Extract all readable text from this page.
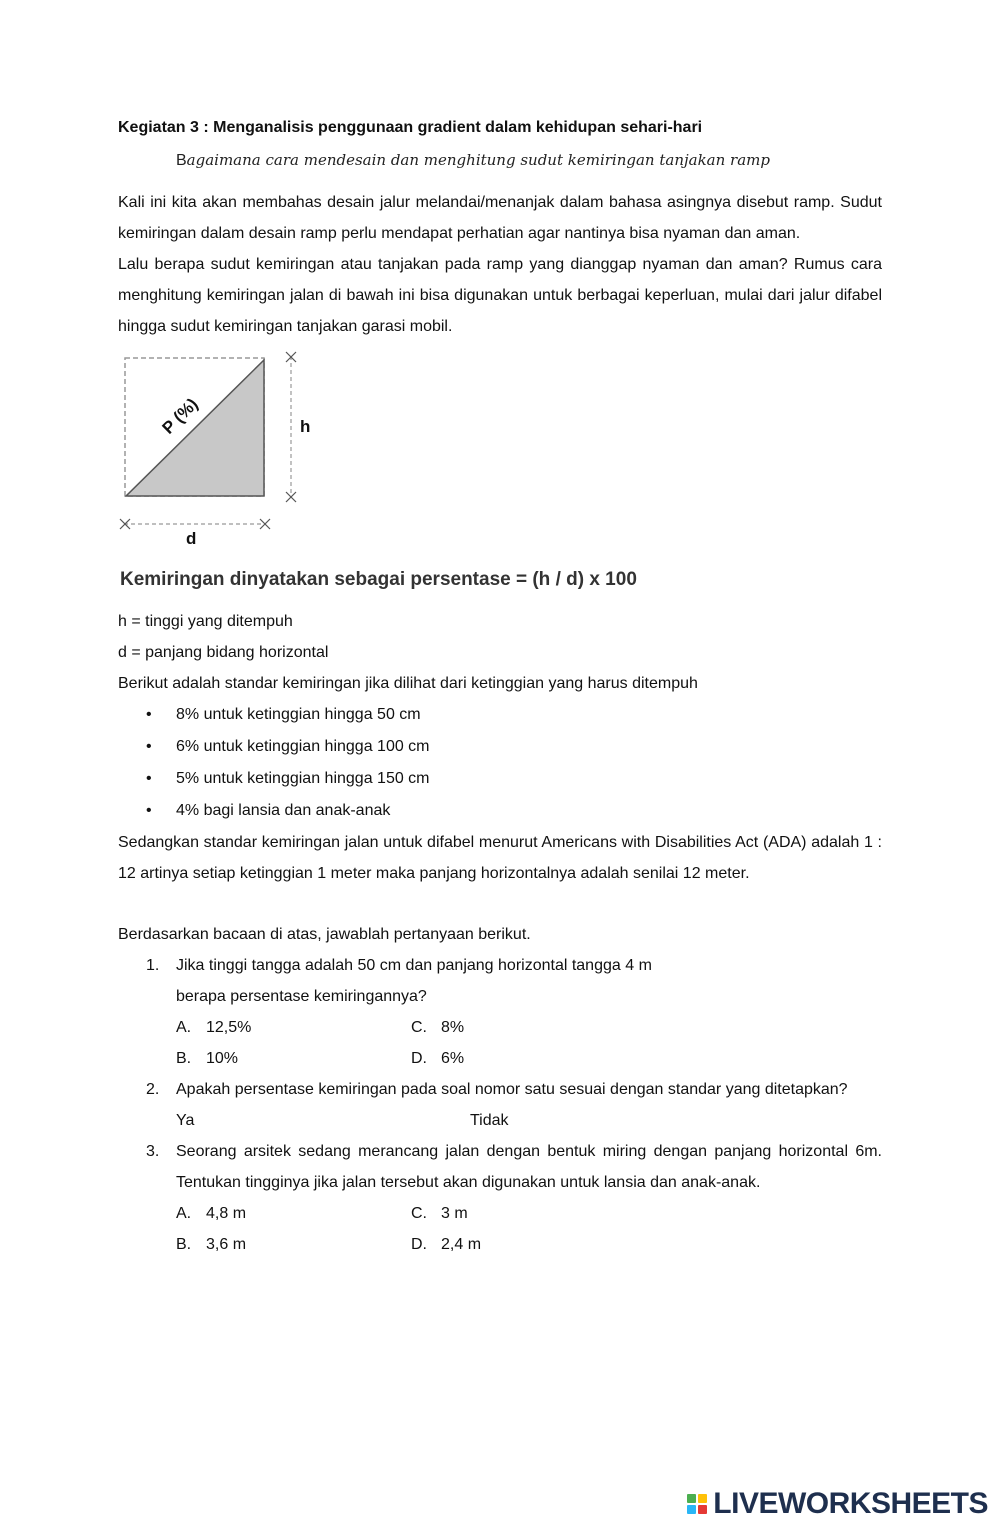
Kegiatan 3 : Menganalisis penggunaan gradient dalam kehidupan sehari-hari
Bagaimana cara mendesain dan menghitung sudut kemiringan tanjakan ramp

Kali ini kita akan membahas desain jalur melandai/menanjak dalam bahasa asingnya disebut ramp. Sudut kemiringan dalam desain ramp perlu mendapat perhatian agar nantinya bisa nyaman dan aman.

Lalu berapa sudut kemiringan atau tanjakan pada ramp yang dianggap nyaman dan aman? Rumus cara menghitung kemiringan jalan di bawah ini bisa digunakan untuk berbagai keperluan, mulai dari jalur difabel hingga sudut kemiringan tanjakan garasi mobil.

P (%)	h
d
Kemiringan dinyatakan sebagai persentase = (h / d) x 100

h = tinggi yang ditempuh

d = panjang bidang horizontal

Berikut adalah standar kemiringan jika dilihat dari ketinggian yang harus ditempuh

• 8% untuk ketinggian hingga 50 cm
• 6% untuk ketinggian hingga 100 cm
• 5% untuk ketinggian hingga 150 cm
• 4% bagi lansia dan anak-anak

Sedangkan standar kemiringan jalan untuk difabel menurut Americans with Disabilities Act (ADA) adalah 1 : 12 artinya setiap ketinggian 1 meter maka panjang horizontalnya adalah senilai 12 meter.

Berdasarkan bacaan di atas, jawablah pertanyaan berikut.

1. Jika tinggi tangga adalah 50 cm dan panjang horizontal tangga 4 m
berapa persentase kemiringannya?
A. 12,5%	C. 8%
B. 10%	D. 6%
2. Apakah persentase kemiringan pada soal nomor satu sesuai dengan standar yang ditetapkan?
Ya	Tidak
3. Seorang arsitek sedang merancang jalan dengan bentuk miring dengan panjang horizontal 6m. Tentukan tingginya jika jalan tersebut akan digunakan untuk lansia dan anak-anak.
A. 4,8 m	C. 3 m
B. 3,6 m	D. 2,4 m
LIVEWORKSHEETS
